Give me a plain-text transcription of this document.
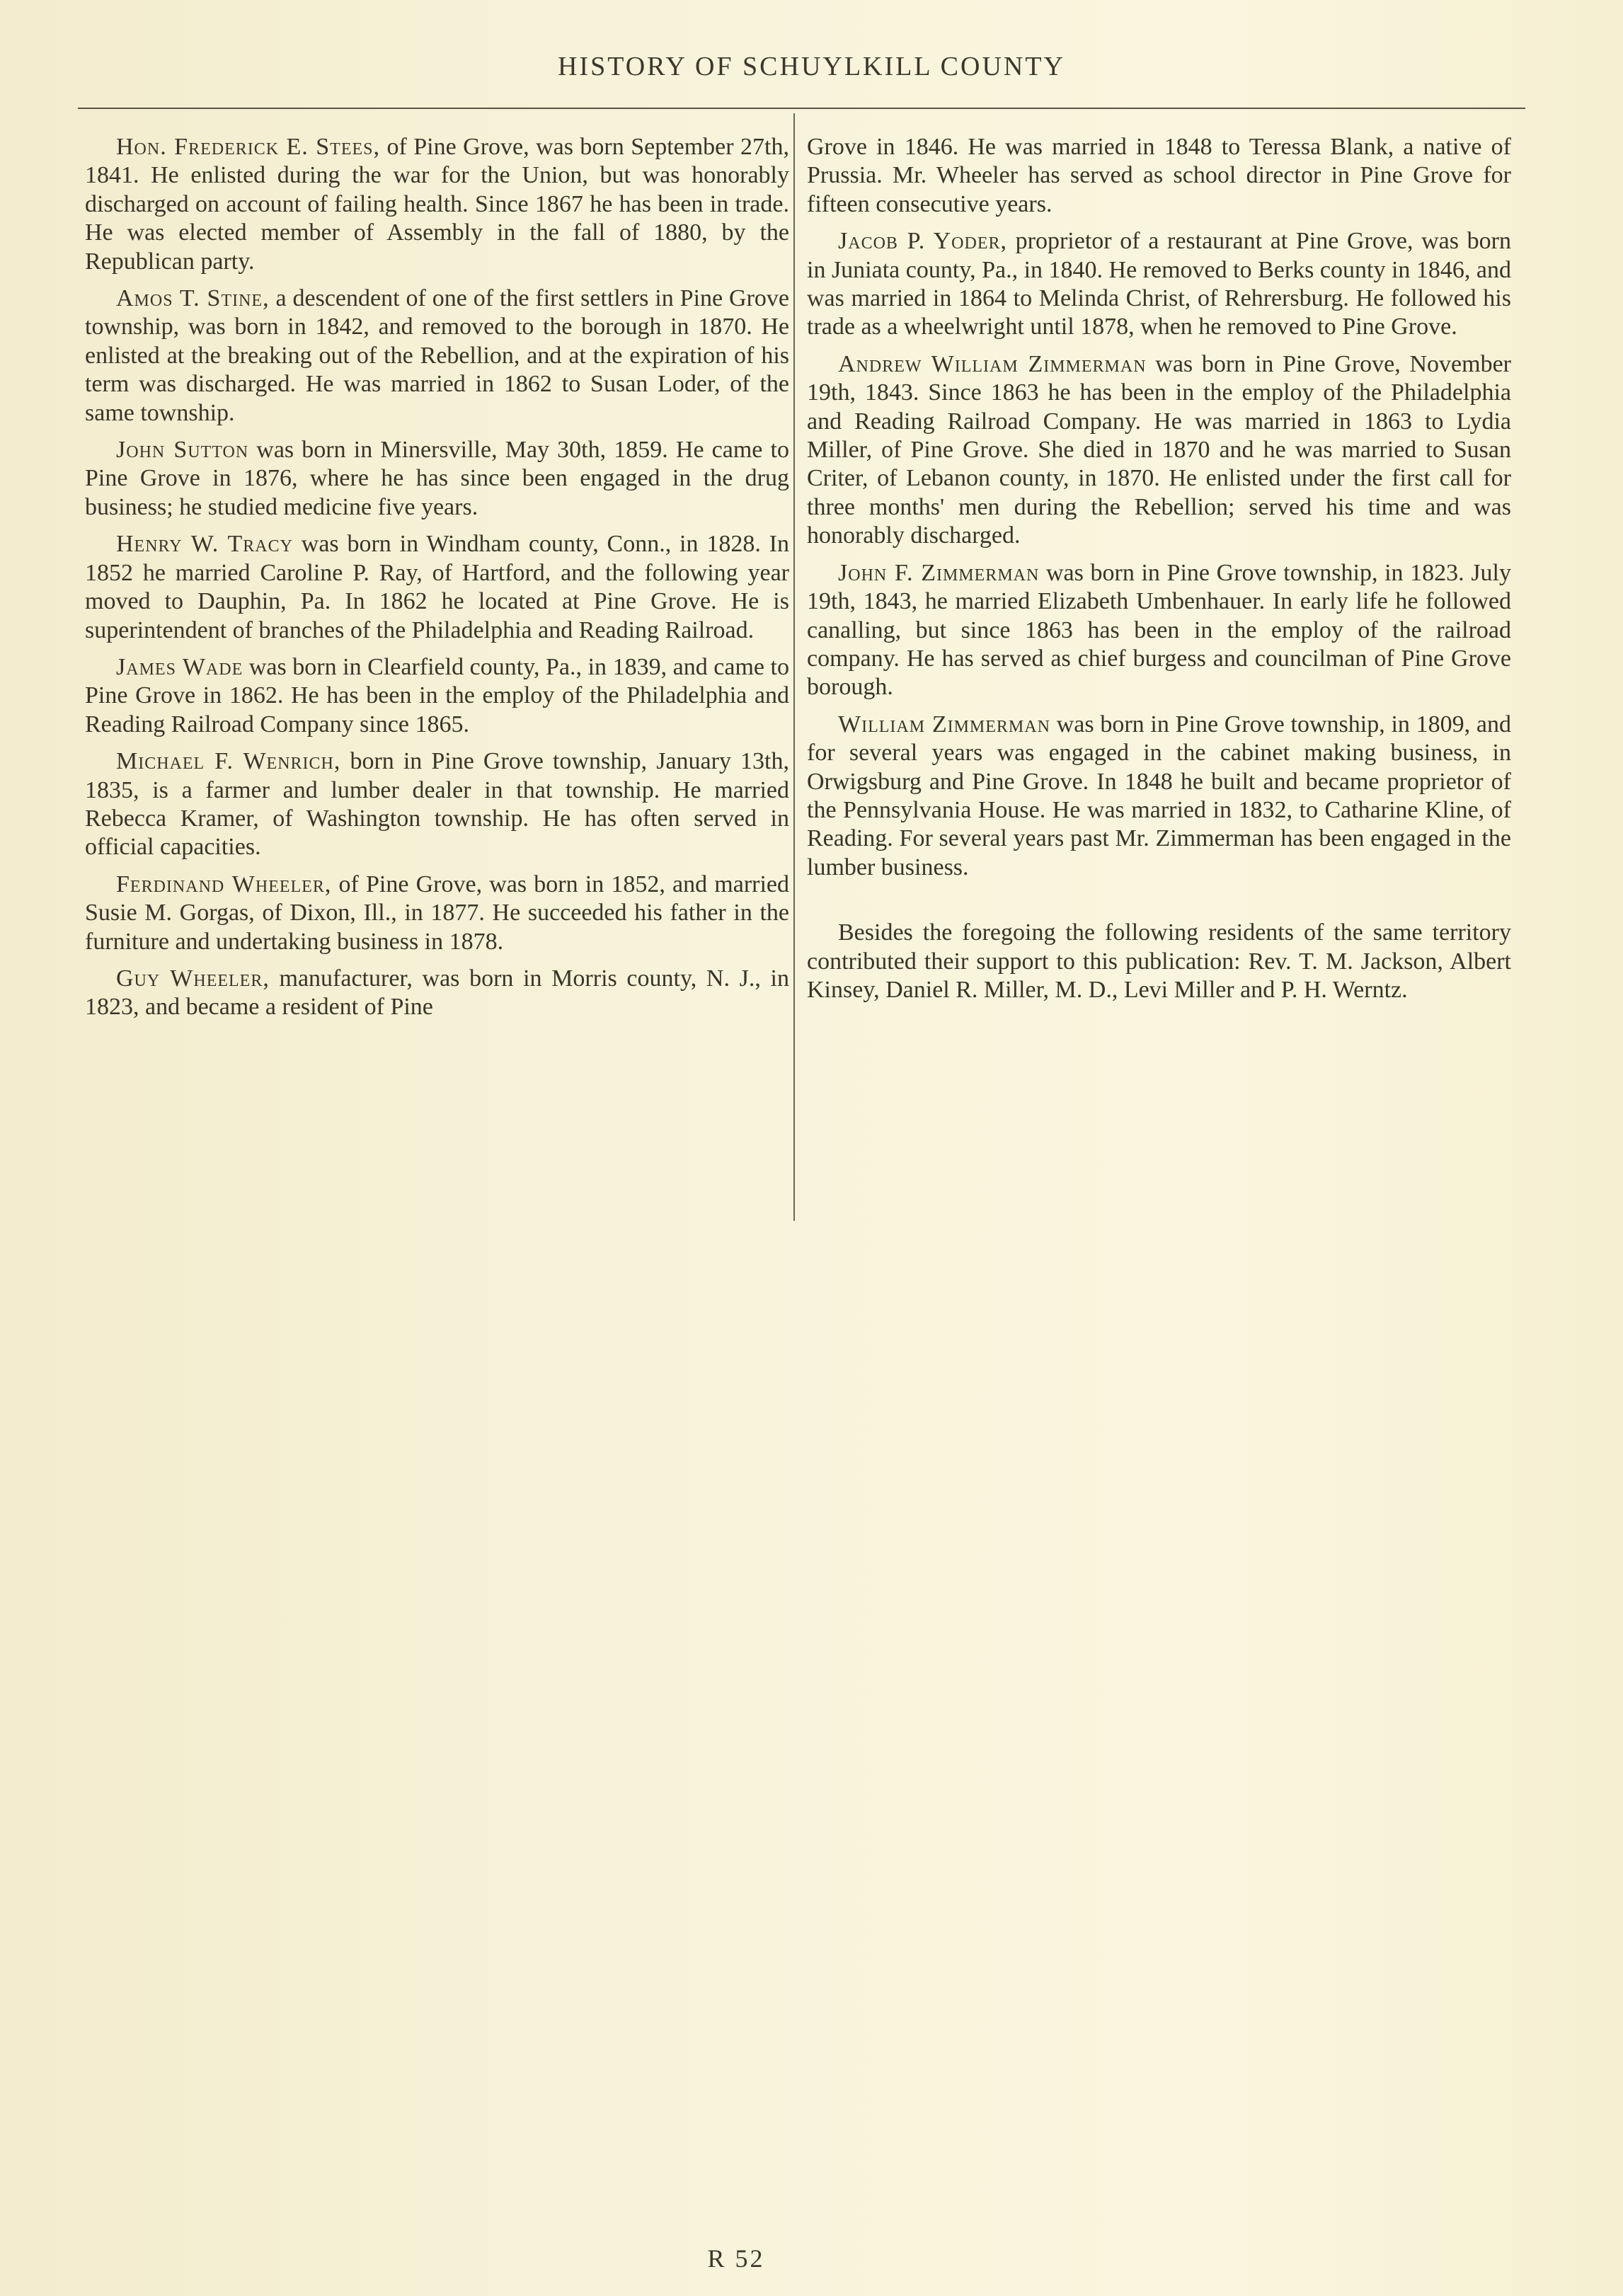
HISTORY OF SCHUYLKILL COUNTY

Hon. Frederick E. Stees, of Pine Grove, was born September 27th, 1841. He enlisted during the war for the Union, but was honorably discharged on account of failing health. Since 1867 he has been in trade. He was elected member of Assembly in the fall of 1880, by the Republican party.

Amos T. Stine, a descendent of one of the first settlers in Pine Grove township, was born in 1842, and removed to the borough in 1870. He enlisted at the breaking out of the Rebellion, and at the expiration of his term was discharged. He was married in 1862 to Susan Loder, of the same township.

John Sutton was born in Minersville, May 30th, 1859. He came to Pine Grove in 1876, where he has since been engaged in the drug business; he studied medicine five years.

Henry W. Tracy was born in Windham county, Conn., in 1828. In 1852 he married Caroline P. Ray, of Hartford, and the following year moved to Dauphin, Pa. In 1862 he located at Pine Grove. He is superintendent of branches of the Philadelphia and Reading Railroad.

James Wade was born in Clearfield county, Pa., in 1839, and came to Pine Grove in 1862. He has been in the employ of the Philadelphia and Reading Railroad Company since 1865.

Michael F. Wenrich, born in Pine Grove township, January 13th, 1835, is a farmer and lumber dealer in that township. He married Rebecca Kramer, of Washington township. He has often served in official capacities.

Ferdinand Wheeler, of Pine Grove, was born in 1852, and married Susie M. Gorgas, of Dixon, Ill., in 1877. He succeeded his father in the furniture and undertaking business in 1878.

Guy Wheeler, manufacturer, was born in Morris county, N. J., in 1823, and became a resident of Pine

Grove in 1846. He was married in 1848 to Teressa Blank, a native of Prussia. Mr. Wheeler has served as school director in Pine Grove for fifteen consecutive years.

Jacob P. Yoder, proprietor of a restaurant at Pine Grove, was born in Juniata county, Pa., in 1840. He removed to Berks county in 1846, and was married in 1864 to Melinda Christ, of Rehrersburg. He followed his trade as a wheelwright until 1878, when he removed to Pine Grove.

Andrew William Zimmerman was born in Pine Grove, November 19th, 1843. Since 1863 he has been in the employ of the Philadelphia and Reading Railroad Company. He was married in 1863 to Lydia Miller, of Pine Grove. She died in 1870 and he was married to Susan Criter, of Lebanon county, in 1870. He enlisted under the first call for three months' men during the Rebellion; served his time and was honorably discharged.

John F. Zimmerman was born in Pine Grove township, in 1823. July 19th, 1843, he married Elizabeth Umbenhauer. In early life he followed canalling, but since 1863 has been in the employ of the railroad company. He has served as chief burgess and councilman of Pine Grove borough.

William Zimmerman was born in Pine Grove township, in 1809, and for several years was engaged in the cabinet making business, in Orwigsburg and Pine Grove. In 1848 he built and became proprietor of the Pennsylvania House. He was married in 1832, to Catharine Kline, of Reading. For several years past Mr. Zimmerman has been engaged in the lumber business.

Besides the foregoing the following residents of the same territory contributed their support to this publication: Rev. T. M. Jackson, Albert Kinsey, Daniel R. Miller, M. D., Levi Miller and P. H. Werntz.

R 52
